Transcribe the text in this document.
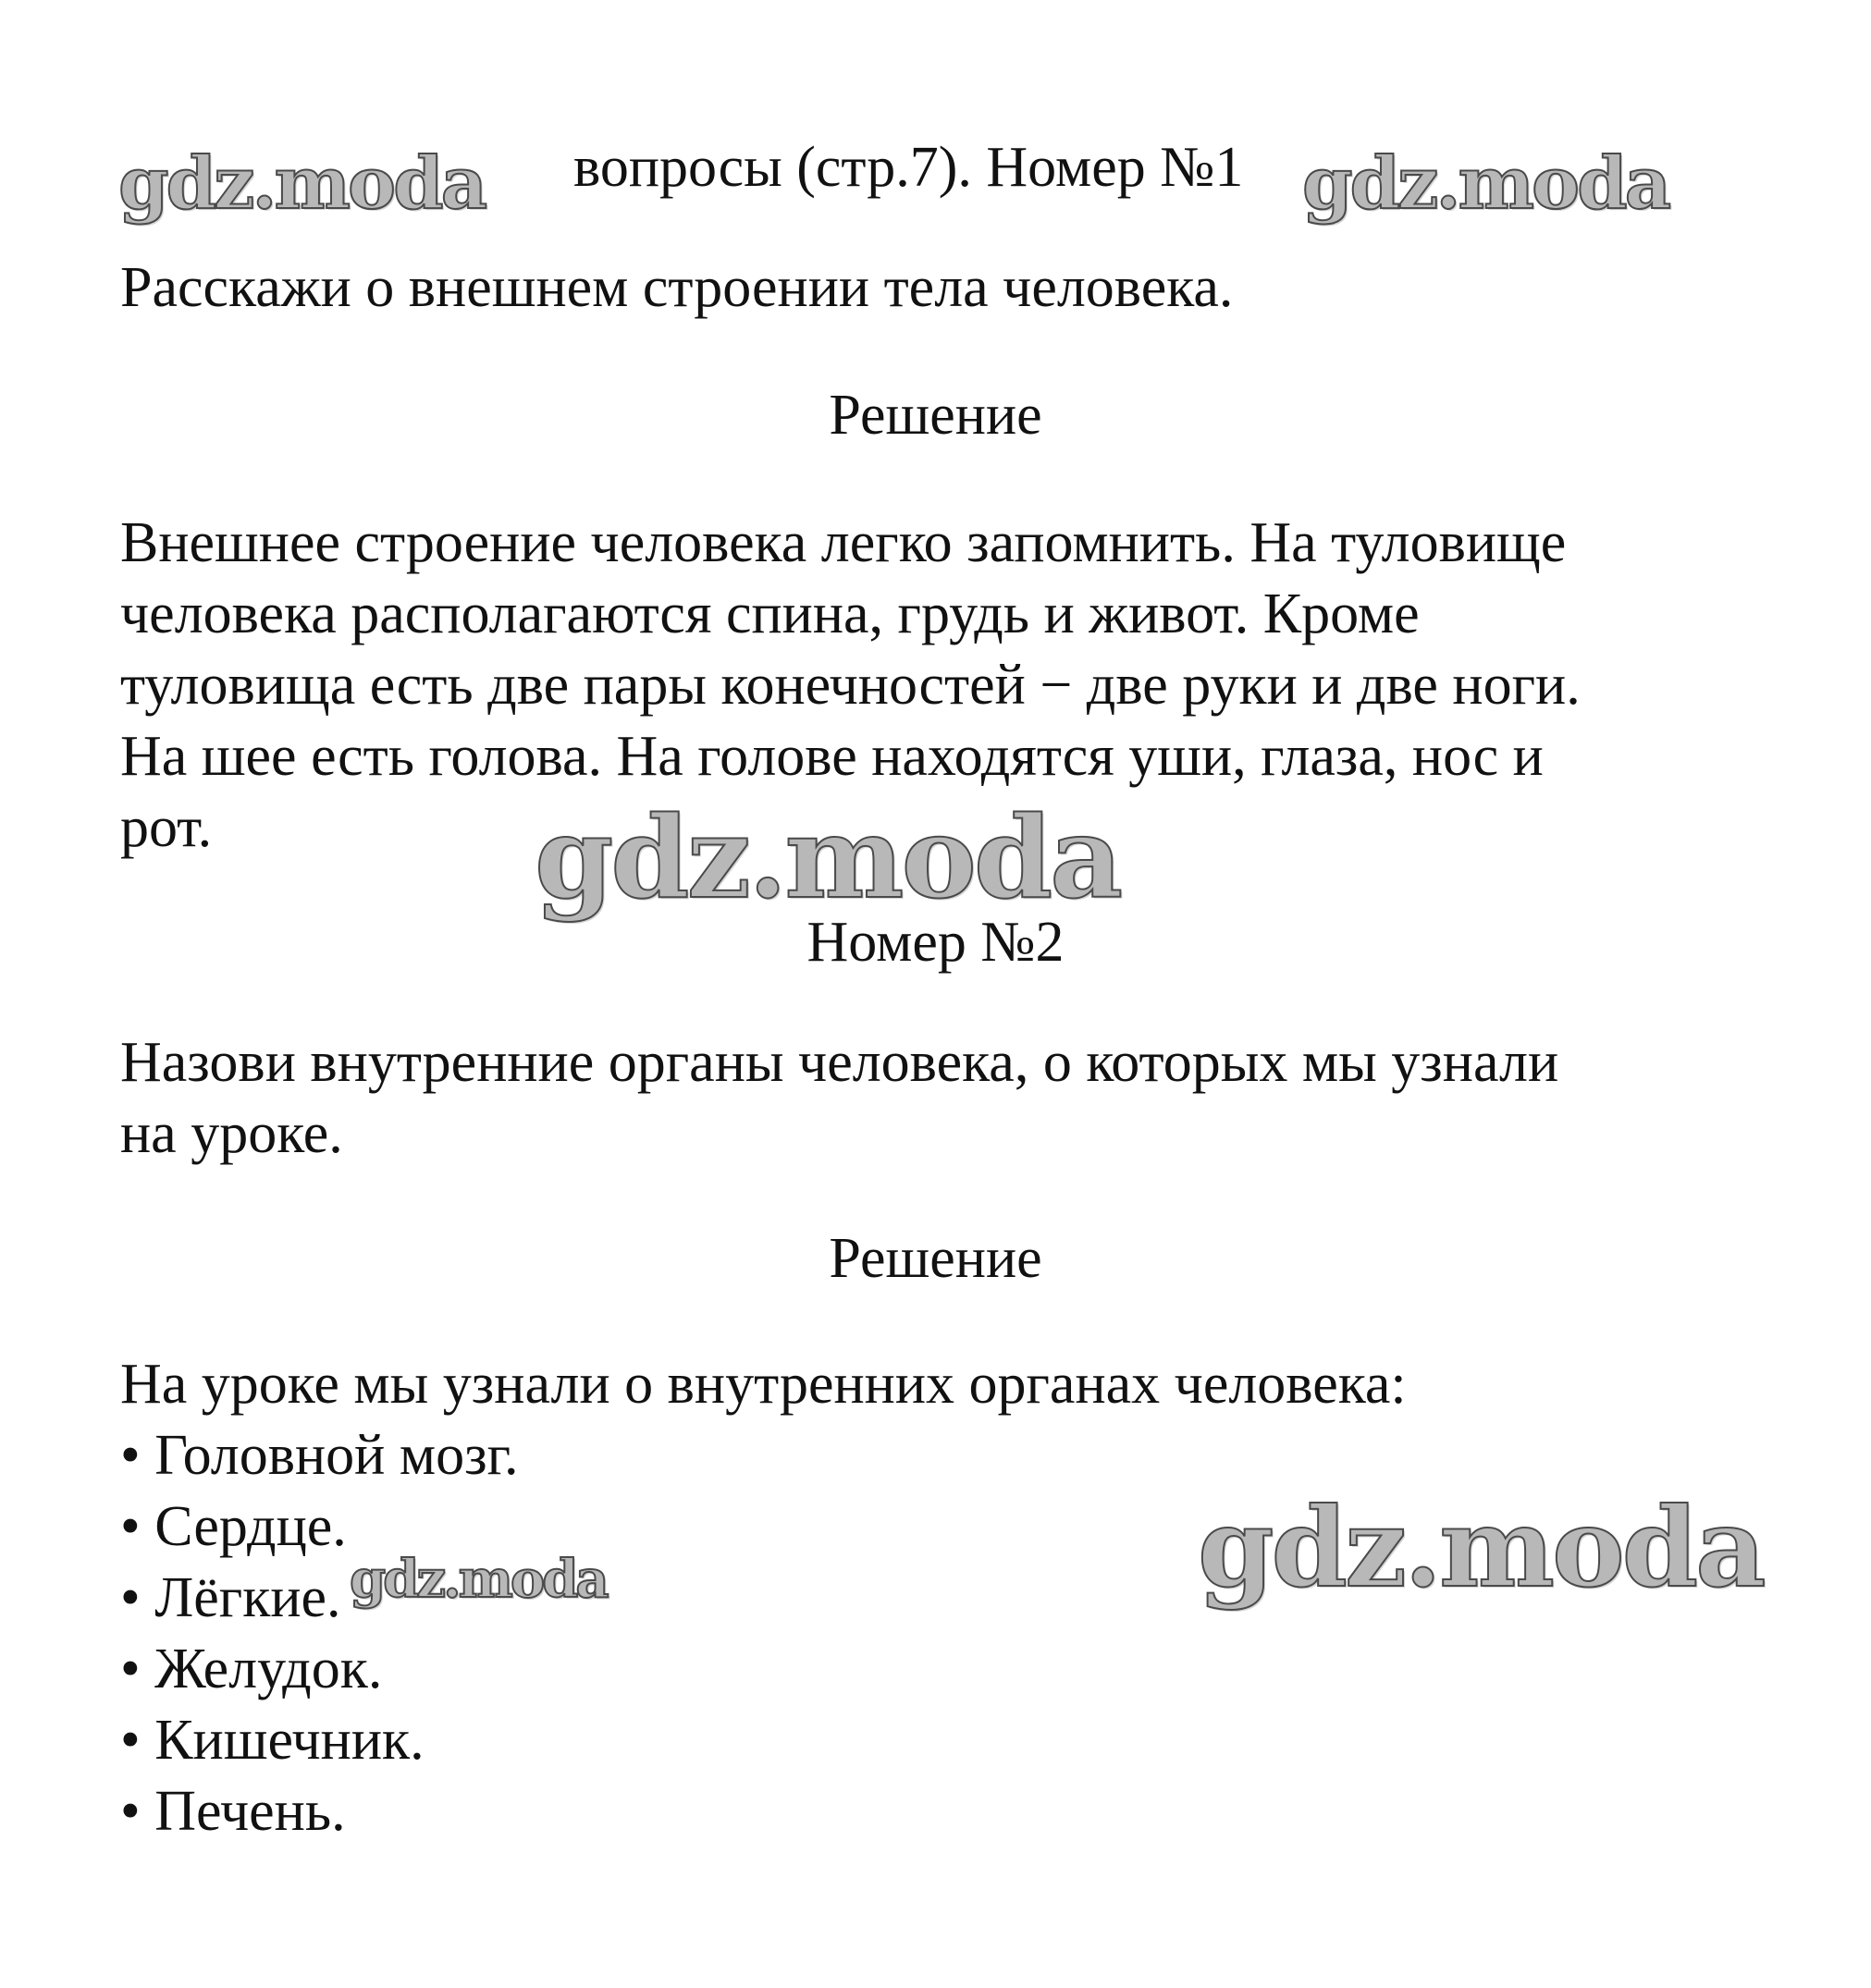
вопросы (стр.7). Номер №1
Расскажи о внешнем строении тела человека.
Решение
Внешнее строение человека легко запомнить. На туловище
человека располагаются спина, грудь и живот. Кроме
туловища есть две пары конечностей − две руки и две ноги.
На шее есть голова. На голове находятся уши, глаза, нос и
рот.
Номер №2
Назови внутренние органы человека, о которых мы узнали
на уроке.
Решение
На уроке мы узнали о внутренних органах человека:
• Головной мозг.
• Сердце.
• Лёгкие.
• Желудок.
• Кишечник.
• Печень.
gdz.moda	gdz.moda
gdz.moda
gdz.moda
gdz.moda
